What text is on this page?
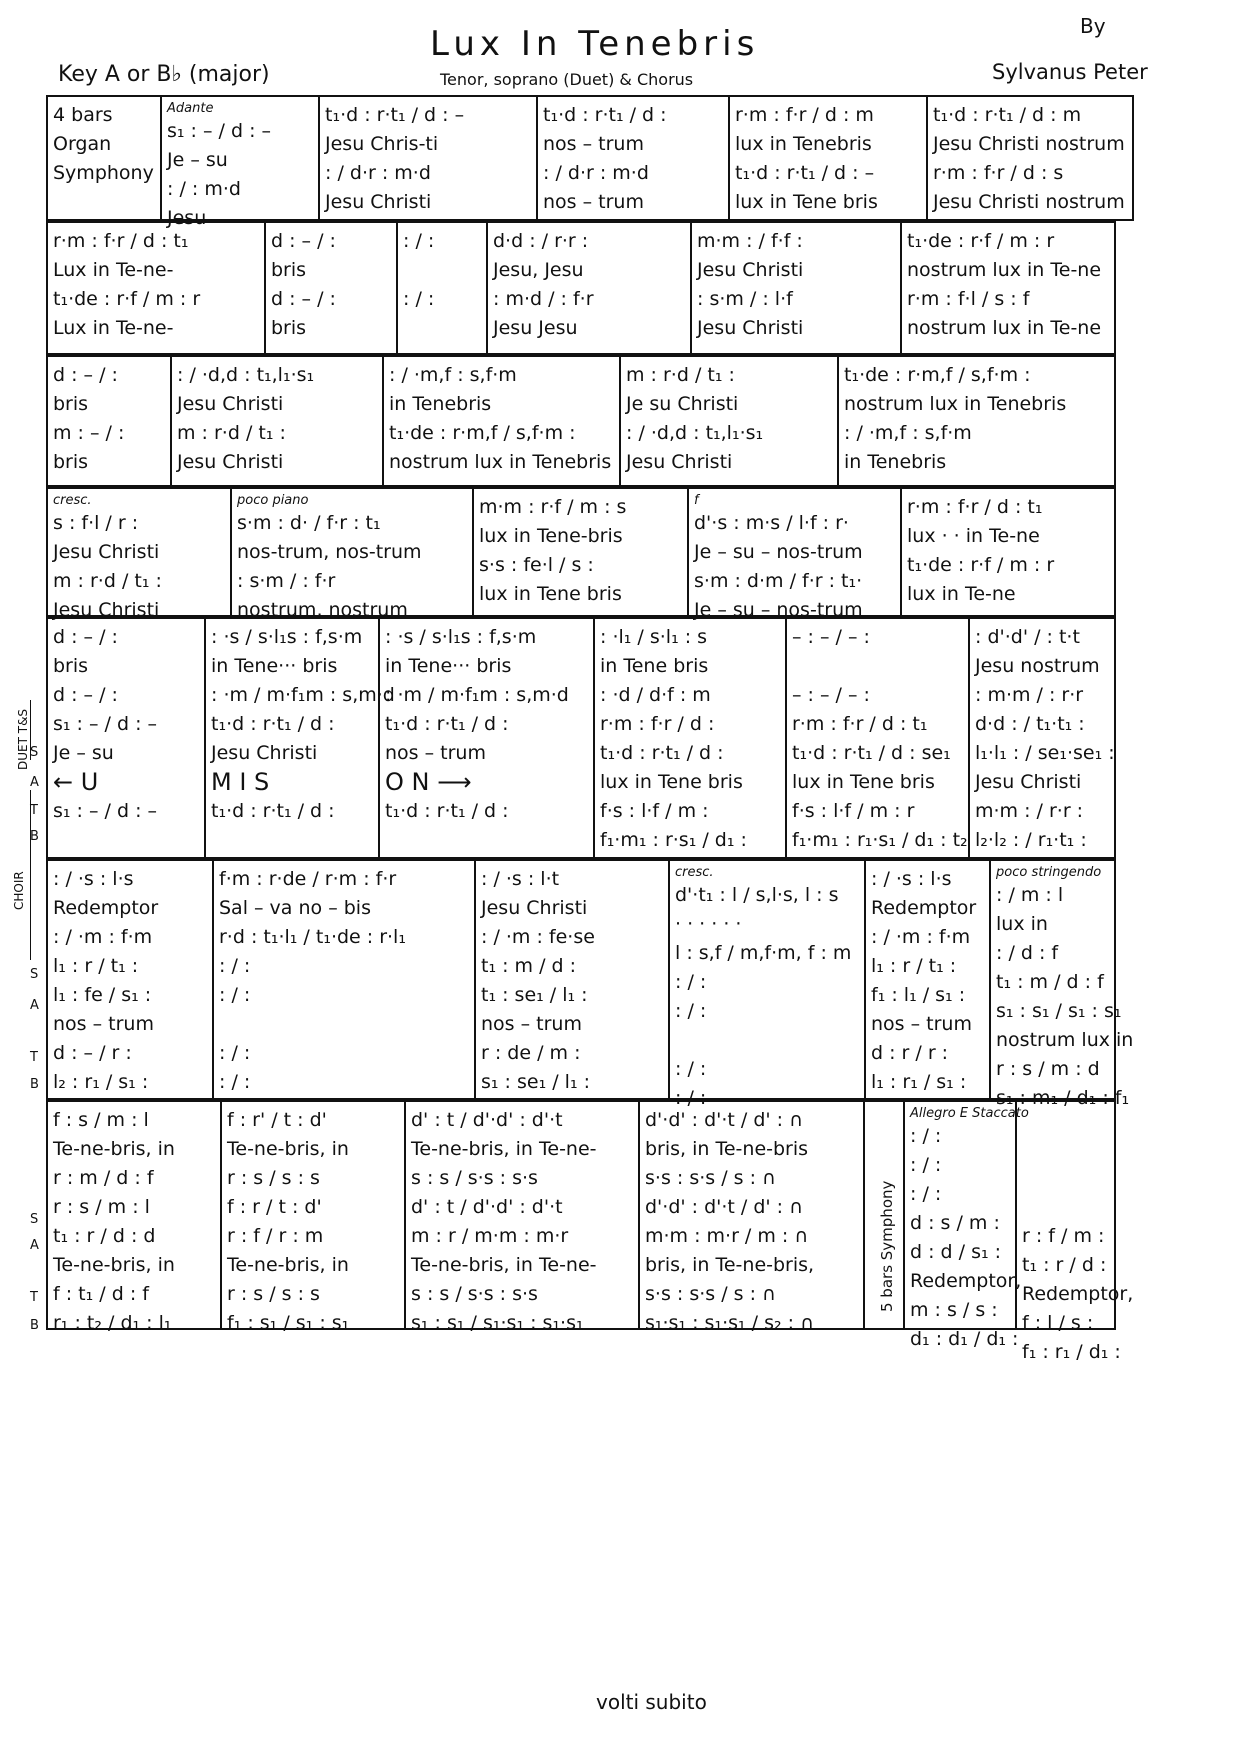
Key A or B♭ (major)
Lux In Tenebris
Tenor, soprano (Duet) & Chorus
By
Sylvanus Peter
4 bars
Organ
Symphony
Adante
s₁ : – / d : –
Je – su
: / : m·d
Jesu
t₁·d : r·t₁ / d : –
Jesu Chris-ti
: / d·r : m·d
Jesu Christi
t₁·d : r·t₁ / d :
nos – trum
: / d·r : m·d
nos – trum
r·m : f·r / d : m
lux in Tenebris
t₁·d : r·t₁ / d : –
lux in Tene bris
t₁·d : r·t₁ / d : m
Jesu Christi nostrum
r·m : f·r / d : s
Jesu Christi nostrum
r·m : f·r / d : t₁
Lux in Te-ne-
t₁·de : r·f / m : r
Lux in Te-ne-
d : – / :
bris
d : – / :
bris
: / :
: / :
d·d : / r·r :
Jesu, Jesu
: m·d / : f·r
Jesu Jesu
m·m : / f·f :
Jesu Christi
: s·m / : l·f
Jesu Christi
t₁·de : r·f / m : r
nostrum lux in Te-ne
r·m : f·l / s : f
nostrum lux in Te-ne
d : – / :
bris
m : – / :
bris
: / ·d,d : t₁,l₁·s₁
Jesu Christi
m : r·d / t₁ :
Jesu Christi
: / ·m,f : s,f·m
in Tenebris
t₁·de : r·m,f / s,f·m :
nostrum lux in Tenebris
m : r·d / t₁ :
Je su Christi
: / ·d,d : t₁,l₁·s₁
Jesu Christi
t₁·de : r·m,f / s,f·m :
nostrum lux in Tenebris
: / ·m,f : s,f·m
in Tenebris
cresc.
s : f·l / r :
Jesu Christi
m : r·d / t₁ :
Jesu Christi
poco piano
s·m : d· / f·r : t₁
nos-trum, nos-trum
: s·m / : f·r
nostrum, nostrum
m·m : r·f / m : s
lux in Tene-bris
s·s : fe·l / s :
lux in Tene bris
f
d'·s : m·s / l·f : r·
Je – su – nos-trum
s·m : d·m / f·r : t₁·
Je – su – nos-trum
r·m : f·r / d : t₁
lux · · in Te-ne
t₁·de : r·f / m : r
lux in Te-ne
d : – / :
bris
d : – / :
s₁ : – / d : –
Je – su
← U
s₁ : – / d : –
: ·s / s·l₁s : f,s·m
in Tene··· bris
: ·m / m·f₁m : s,m·d
t₁·d : r·t₁ / d :
Jesu Christi
M I S
t₁·d : r·t₁ / d :
: ·s / s·l₁s : f,s·m
in Tene··· bris
: ·m / m·f₁m : s,m·d
t₁·d : r·t₁ / d :
nos – trum
O N ⟶
t₁·d : r·t₁ / d :
: ·l₁ / s·l₁ : s
in Tene bris
: ·d / d·f : m
r·m : f·r / d :
t₁·d : r·t₁ / d :
lux in Tene bris
f·s : l·f / m :
f₁·m₁ : r·s₁ / d₁ :
– : – / – :
– : – / – :
r·m : f·r / d : t₁
t₁·d : r·t₁ / d : se₁
lux in Tene bris
f·s : l·f / m : r
f₁·m₁ : r₁·s₁ / d₁ : t₂
: d'·d' / : t·t
Jesu nostrum
: m·m / : r·r
d·d : / t₁·t₁ :
l₁·l₁ : / se₁·se₁ :
Jesu Christi
m·m : / r·r :
l₂·l₂ : / r₁·t₁ :
: / ·s : l·s
Redemptor
: / ·m : f·m
l₁ : r / t₁ :
l₁ : fe / s₁ :
nos – trum
d : – / r :
l₂ : r₁ / s₁ :
f·m : r·de / r·m : f·r
Sal – va no – bis
r·d : t₁·l₁ / t₁·de : r·l₁
: / :
: / :
: / :
: / :
: / ·s : l·t
Jesu Christi
: / ·m : fe·se
t₁ : m / d :
t₁ : se₁ / l₁ :
nos – trum
r : de / m :
s₁ : se₁ / l₁ :
cresc.
d'·t₁ : l / s,l·s, l : s
· · · · · ·
l : s,f / m,f·m, f : m
: / :
: / :
: / :
: / :
: / ·s : l·s
Redemptor
: / ·m : f·m
l₁ : r / t₁ :
f₁ : l₁ / s₁ :
nos – trum
d : r / r :
l₁ : r₁ / s₁ :
poco stringendo
: / m : l
lux in
: / d : f
t₁ : m / d : f
s₁ : s₁ / s₁ : s₁
nostrum lux in
r : s / m : d
s₁ : m₁ / d₁ : f₁
f : s / m : l
Te-ne-bris, in
r : m / d : f
r : s / m : l
t₁ : r / d : d
Te-ne-bris, in
f : t₁ / d : f
r₁ : t₂ / d₁ : l₁
f : r' / t : d'
Te-ne-bris, in
r : s / s : s
f : r / t : d'
r : f / r : m
Te-ne-bris, in
r : s / s : s
f₁ : s₁ / s₁ : s₁
d' : t / d'·d' : d'·t
Te-ne-bris, in Te-ne-
s : s / s·s : s·s
d' : t / d'·d' : d'·t
m : r / m·m : m·r
Te-ne-bris, in Te-ne-
s : s / s·s : s·s
s₁ : s₁ / s₁·s₁ : s₁·s₁
d'·d' : d'·t / d' : ∩
bris, in Te-ne-bris
s·s : s·s / s : ∩
d'·d' : d'·t / d' : ∩
m·m : m·r / m : ∩
bris, in Te-ne-bris,
s·s : s·s / s : ∩
s₁·s₁ : s₁·s₁ / s₂ : ∩
5 bars Symphony
Allegro E Staccato
: / :
: / :
: / :
d : s / m :
d : d / s₁ :
Redemptor,
m : s / s :
d₁ : d₁ / d₁ :
r : f / m :
t₁ : r / d :
Redemptor,
f : l / s :
f₁ : r₁ / d₁ :
DUET T&S
CHOIR
volti subito
S
A
T
B
S
A
T
B
S
A
T
B
